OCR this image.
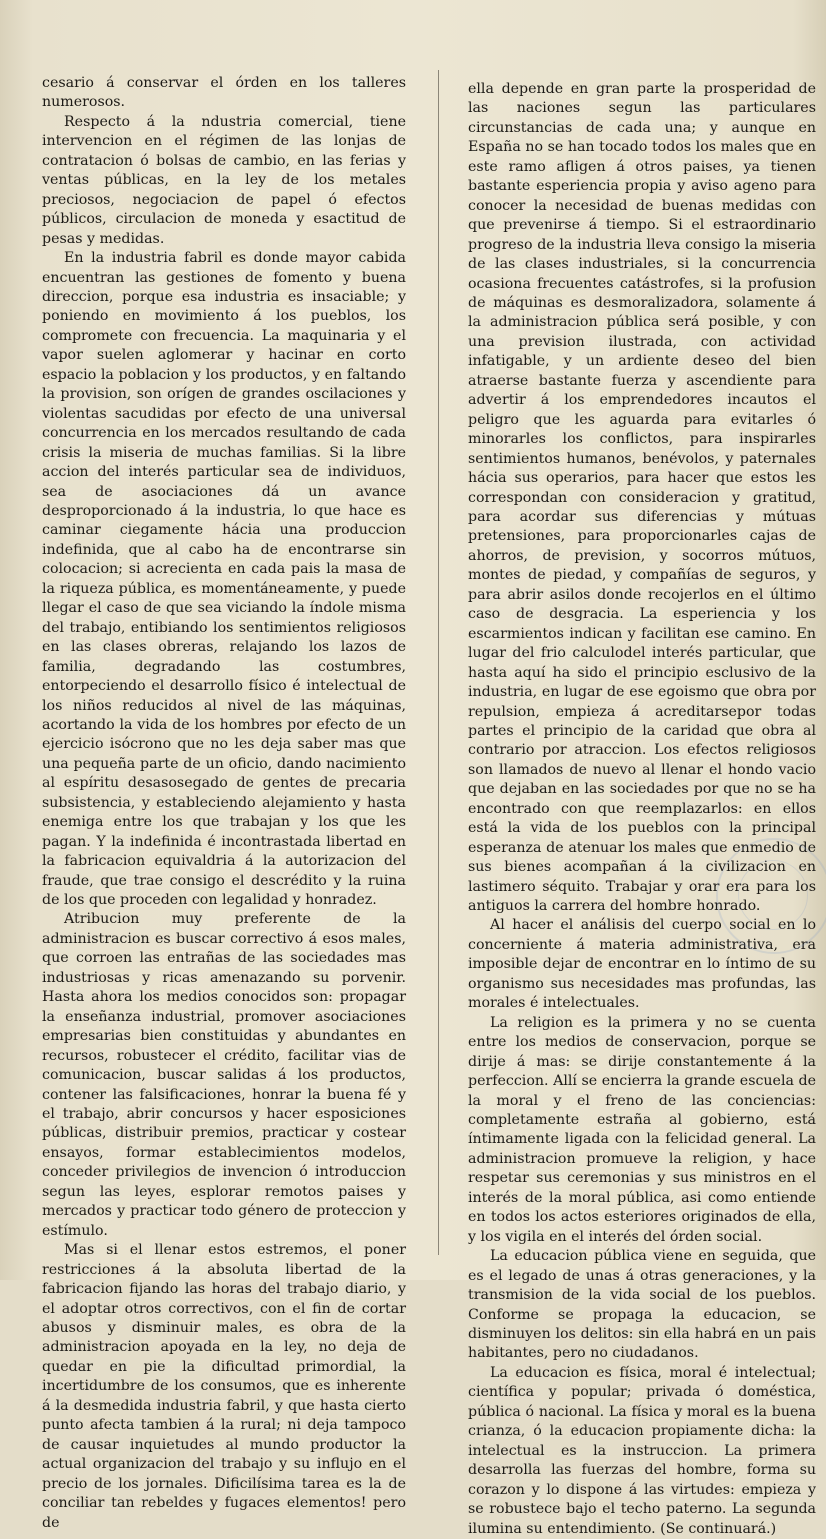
cesario á conservar el órden en los talleres numerosos.

Respecto á la ndustria comercial, tiene intervencion en el régimen de las lonjas de contratacion ó bolsas de cambio, en las ferias y ventas públicas, en la ley de los metales preciosos, negociacion de papel ó efectos públicos, circulacion de moneda y esactitud de pesas y medidas.

En la industria fabril es donde mayor cabida encuentran las gestiones de fomento y buena direccion, porque esa industria es insaciable; y poniendo en movimiento á los pueblos, los compromete con frecuencia. La maquinaria y el vapor suelen aglomerar y hacinar en corto espacio la poblacion y los productos, y en faltando la provision, son orígen de grandes oscilaciones y violentas sacudidas por efecto de una universal concurrencia en los mercados resultando de cada crisis la miseria de muchas familias. Si la libre accion del interés particular sea de individuos, sea de asociaciones dá un avance desproporcionado á la industria, lo que hace es caminar ciegamente hácia una produccion indefinida, que al cabo ha de encontrarse sin colocacion; si acrecienta en cada pais la masa de la riqueza pública, es momentáneamente, y puede llegar el caso de que sea viciando la índole misma del trabajo, entibiando los sentimientos religiosos en las clases obreras, relajando los lazos de familia, degradando las costumbres, entorpeciendo el desarrollo físico é intelectual de los niños reducidos al nivel de las máquinas, acortando la vida de los hombres por efecto de un ejercicio isócrono que no les deja saber mas que una pequeña parte de un oficio, dando nacimiento al espíritu desasosegado de gentes de precaria subsistencia, y estableciendo alejamiento y hasta enemiga entre los que trabajan y los que les pagan. Y la indefinida é incontrastada libertad en la fabricacion equivaldria á la autorizacion del fraude, que trae consigo el descrédito y la ruina de los que proceden con legalidad y honradez.

Atribucion muy preferente de la administracion es buscar correctivo á esos males, que corroen las entrañas de las sociedades mas industriosas y ricas amenazando su porvenir. Hasta ahora los medios conocidos son: propagar la enseñanza industrial, promover asociaciones empresarias bien constituidas y abundantes en recursos, robustecer el crédito, facilitar vias de comunicacion, buscar salidas á los productos, contener las falsificaciones, honrar la buena fé y el trabajo, abrir concursos y hacer esposiciones públicas, distribuir premios, practicar y costear ensayos, formar establecimientos modelos, conceder privilegios de invencion ó introduccion segun las leyes, esplorar remotos paises y mercados y practicar todo género de proteccion y estímulo.

Mas si el llenar estos estremos, el poner restricciones á la absoluta libertad de la fabricacion fijando las horas del trabajo diario, y el adoptar otros correctivos, con el fin de cortar abusos y disminuir males, es obra de la administracion apoyada en la ley, no deja de quedar en pie la dificultad primordial, la incertidumbre de los consumos, que es inherente á la desmedida industria fabril, y que hasta cierto punto afecta tambien á la rural; ni deja tampoco de causar inquietudes al mundo productor la actual organizacion del trabajo y su influjo en el precio de los jornales. Dificilísima tarea es la de conciliar tan rebeldes y fugaces elementos! pero de

ella depende en gran parte la prosperidad de las naciones segun las particulares circunstancias de cada una; y aunque en España no se han tocado todos los males que en este ramo afligen á otros paises, ya tienen bastante esperiencia propia y aviso ageno para conocer la necesidad de buenas medidas con que prevenirse á tiempo. Si el estraordinario progreso de la industria lleva consigo la miseria de las clases industriales, si la concurrencia ocasiona frecuentes catástrofes, si la profusion de máquinas es desmoralizadora, solamente á la administracion pública será posible, y con una prevision ilustrada, con actividad infatigable, y un ardiente deseo del bien atraerse bastante fuerza y ascendiente para advertir á los emprendedores incautos el peligro que les aguarda para evitarles ó minorarles los conflictos, para inspirarles sentimientos humanos, benévolos, y paternales hácia sus operarios, para hacer que estos les correspondan con consideracion y gratitud, para acordar sus diferencias y mútuas pretensiones, para proporcionarles cajas de ahorros, de prevision, y socorros mútuos, montes de piedad, y compañías de seguros, y para abrir asilos donde recojerlos en el último caso de desgracia. La esperiencia y los escarmientos indican y facilitan ese camino. En lugar del frio calculodel interés particular, que hasta aquí ha sido el principio esclusivo de la industria, en lugar de ese egoismo que obra por repulsion, empieza á acreditarsepor todas partes el principio de la caridad que obra al contrario por atraccion. Los efectos religiosos son llamados de nuevo al llenar el hondo vacio que dejaban en las sociedades por que no se ha encontrado con que reemplazarlos: en ellos está la vida de los pueblos con la principal esperanza de atenuar los males que enmedio de sus bienes acompañan á la civilizacion en lastimero séquito. Trabajar y orar era para los antiguos la carrera del hombre honrado.

Al hacer el análisis del cuerpo social en lo concerniente á materia administrativa, era imposible dejar de encontrar en lo íntimo de su organismo sus necesidades mas profundas, las morales é intelectuales.

La religion es la primera y no se cuenta entre los medios de conservacion, porque se dirije á mas: se dirije constantemente á la perfeccion. Allí se encierra la grande escuela de la moral y el freno de las conciencias: completamente estraña al gobierno, está íntimamente ligada con la felicidad general. La administracion promueve la religion, y hace respetar sus ceremonias y sus ministros en el interés de la moral pública, asi como entiende en todos los actos esteriores originados de ella, y los vigila en el interés del órden social.

La educacion pública viene en seguida, que es el legado de unas á otras generaciones, y la transmision de la vida social de los pueblos. Conforme se propaga la educacion, se disminuyen los delitos: sin ella habrá en un pais habitantes, pero no ciudadanos.

La educacion es física, moral é intelectual; científica y popular; privada ó doméstica, pública ó nacional. La física y moral es la buena crianza, ó la educacion propiamente dicha: la intelectual es la instruccion. La primera desarrolla las fuerzas del hombre, forma su corazon y lo dispone á las virtudes: empieza y se robustece bajo el techo paterno. La segunda ilumina su entendimiento. (Se continuará.)
